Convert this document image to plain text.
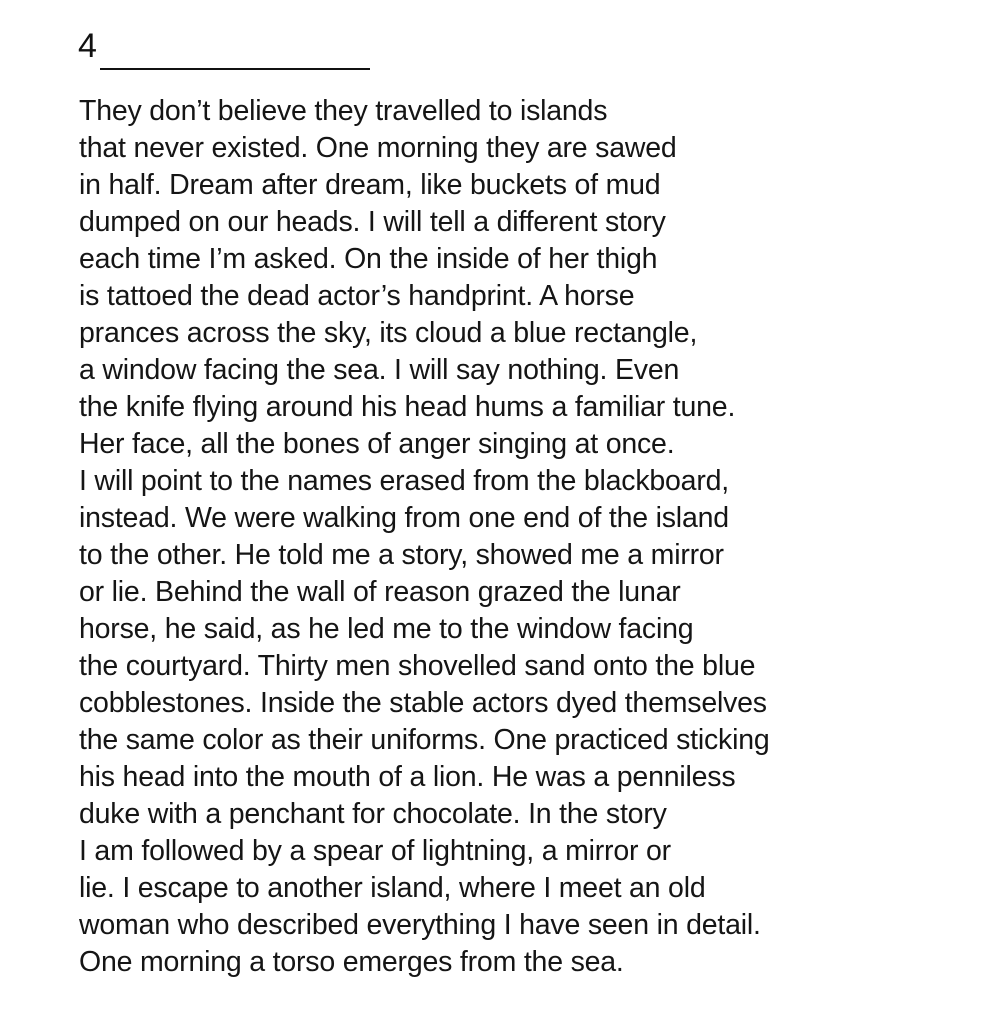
4
They don’t believe they travelled to islands
that never existed. One morning they are sawed
in half. Dream after dream, like buckets of mud
dumped on our heads. I will tell a different story
each time I’m asked. On the inside of her thigh
is tattoed the dead actor’s handprint. A horse
prances across the sky, its cloud a blue rectangle,
a window facing the sea. I will say nothing. Even
the knife flying around his head hums a familiar tune.
Her face, all the bones of anger singing at once.
I will point to the names erased from the blackboard,
instead. We were walking from one end of the island
to the other. He told me a story, showed me a mirror
or lie. Behind the wall of reason grazed the lunar
horse, he said, as he led me to the window facing
the courtyard. Thirty men shovelled sand onto the blue
cobblestones. Inside the stable actors dyed themselves
the same color as their uniforms. One practiced sticking
his head into the mouth of a lion. He was a penniless
duke with a penchant for chocolate. In the story
I am followed by a spear of lightning, a mirror or
lie. I escape to another island, where I meet an old
woman who described everything I have seen in detail.
One morning a torso emerges from the sea.
